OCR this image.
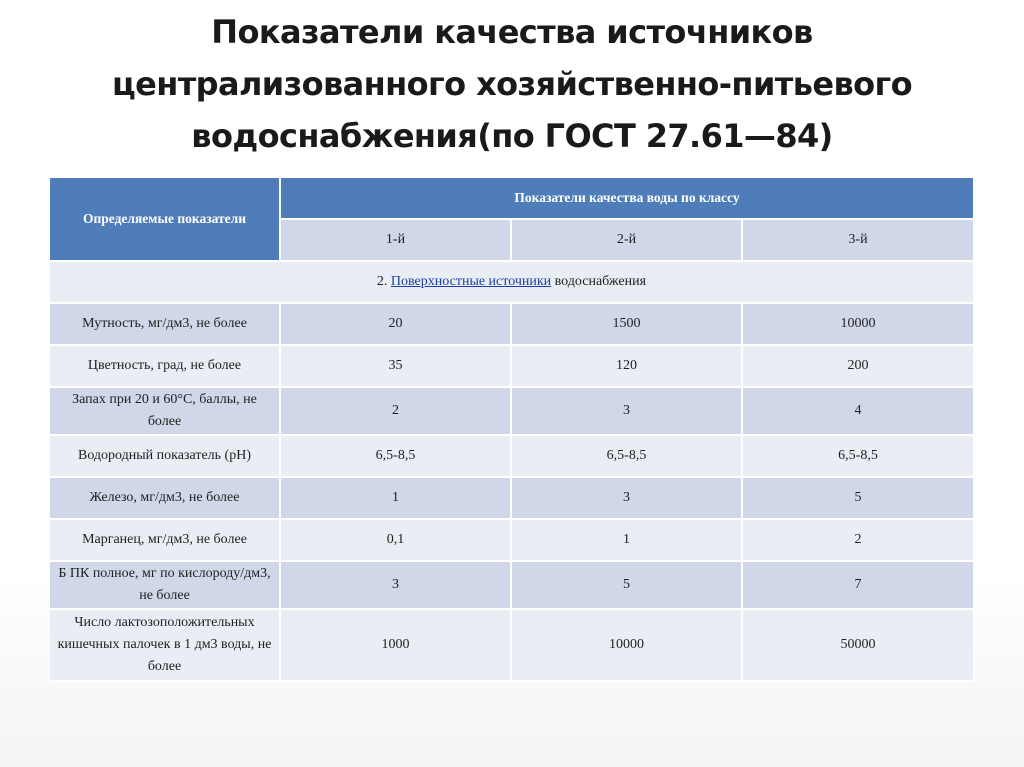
Показатели качества источников централизованного хозяйственно-питьевого водоснабжения(по ГОСТ 27.61—84)
Определяемые показатели	Показатели качества воды по классу		
	1-й	2-й	3-й
2. Поверхностные источники водоснабжения			
Мутность, мг/дм3, не более	20	1500	10000
Цветность, град, не более	35	120	200
Запах при 20 и 60°С, баллы, не более	2	3	4
Водородный показатель (pH)	6,5-8,5	6,5-8,5	6,5-8,5
Железо, мг/дм3, не более	1	3	5
Марганец, мг/дм3, не более	0,1	1	2
Б ПК полное, мг по кислороду/дм3, не более	3	5	7
Число лактозоположительных кишечных палочек в 1 дм3 воды, не более	1000	10000	50000
